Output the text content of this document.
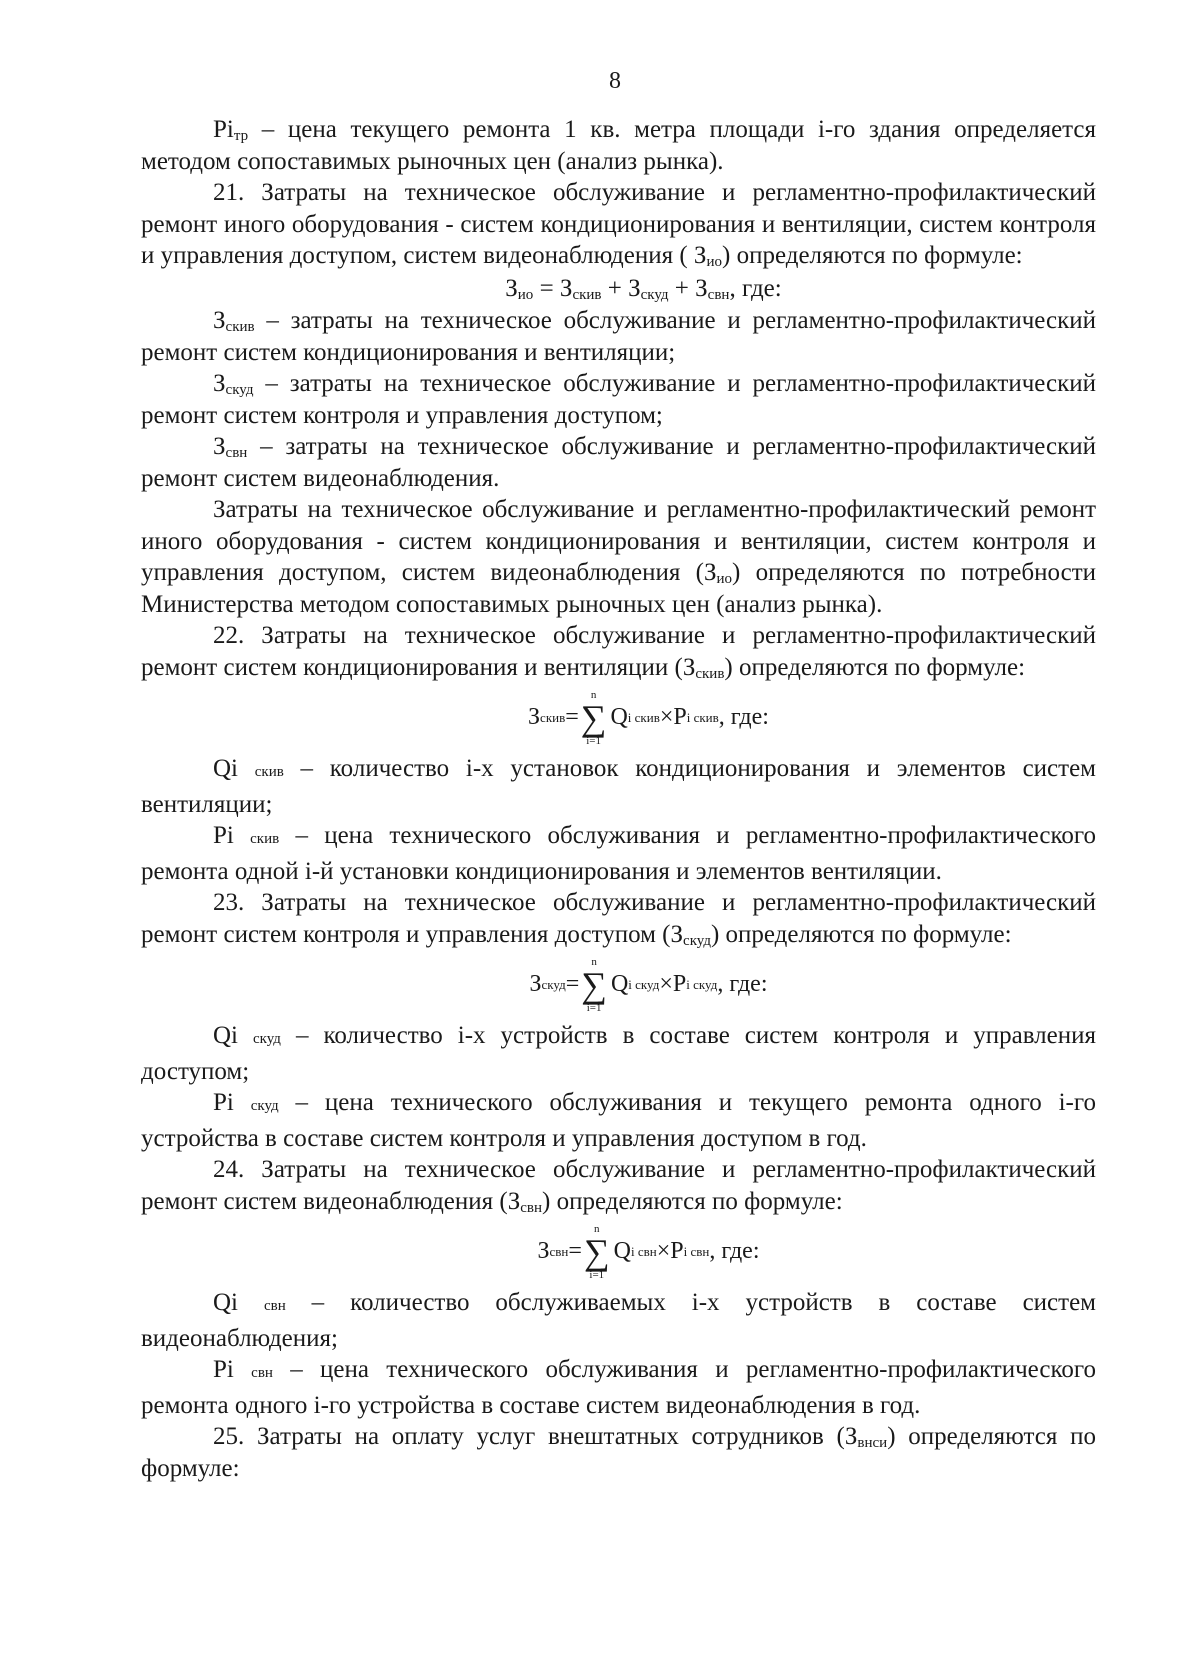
8

$Pi_{тр}$ – цена текущего ремонта 1 кв. метра площади i-го здания определяется методом сопоставимых рыночных цен (анализ рынка).

21. Затраты на техническое обслуживание и регламентно-профилактический ремонт иного оборудования - систем кондиционирования и вентиляции, систем контроля и управления доступом, систем видеонаблюдения ( $З_{ио}$) определяются по формуле:

$З_{ио} = З_{скив} + З_{скуд} + З_{свн}$, где:

$З_{скив}$ – затраты на техническое обслуживание и регламентно-профилактический ремонт систем кондиционирования и вентиляции;

$З_{скуд}$ – затраты на техническое обслуживание и регламентно-профилактический ремонт систем контроля и управления доступом;

$З_{свн}$ – затраты на техническое обслуживание и регламентно-профилактический ремонт систем видеонаблюдения.

Затраты на техническое обслуживание и регламентно-профилактический ремонт иного оборудования - систем кондиционирования и вентиляции, систем контроля и управления доступом, систем видеонаблюдения $(З_{ио})$ определяются по потребности Министерства методом сопоставимых рыночных цен (анализ рынка).

22. Затраты на техническое обслуживание и регламентно-профилактический ремонт систем кондиционирования и вентиляции $(З_{скив})$ определяются по формуле:

З скив =
n
∑
i=1
Q i скив ×P i скив , где:

Qi скив – количество i-х установок кондиционирования и элементов систем вентиляции;

Pi скив – цена технического обслуживания и регламентно-профилактического ремонта одной i-й установки кондиционирования и элементов вентиляции.

23. Затраты на техническое обслуживание и регламентно-профилактический ремонт систем контроля и управления доступом $(З_{скуд})$ определяются по формуле:

З скуд =
n
∑
i=1
Q i скуд ×P i скуд , где:

Qi скуд – количество i-х устройств в составе систем контроля и управления доступом;

Pi скуд – цена технического обслуживания и текущего ремонта одного i-го устройства в составе систем контроля и управления доступом в год.

24. Затраты на техническое обслуживание и регламентно-профилактический ремонт систем видеонаблюдения $(З_{свн})$ определяются по формуле:

З свн =
n
∑
i=1
Q i свн ×P i свн , где:

Qi свн – количество обслуживаемых i-х устройств в составе систем видеонаблюдения;

Pi свн – цена технического обслуживания и регламентно-профилактического ремонта одного i-го устройства в составе систем видеонаблюдения в год.

25. Затраты на оплату услуг внештатных сотрудников $(З_{внси})$ определяются по формуле:
